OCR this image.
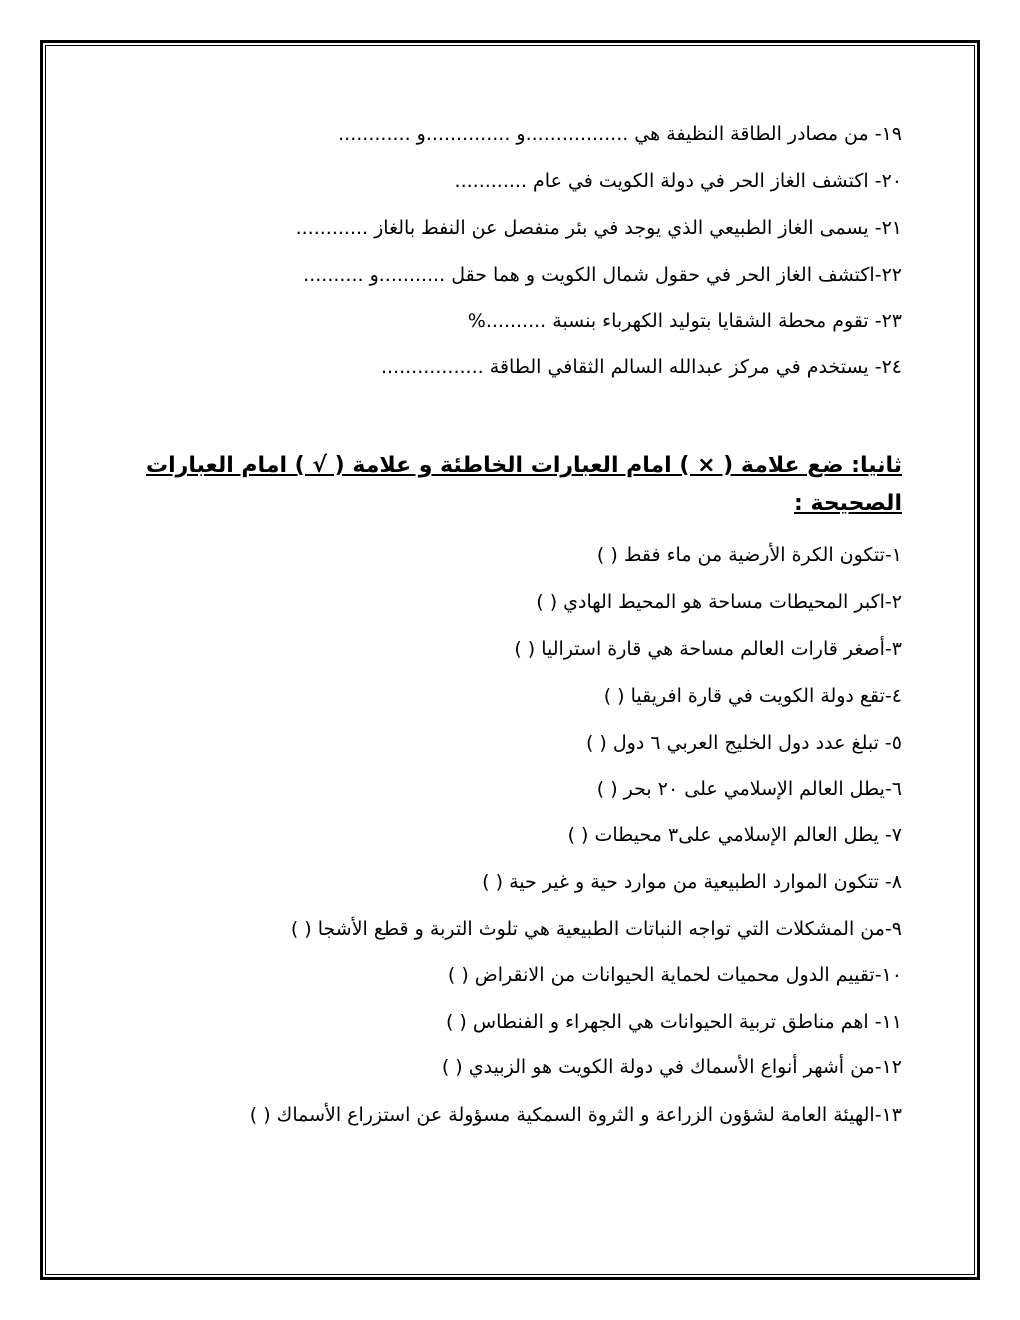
١٩- من مصادر الطاقة النظيفة هي .................و ..............و ............
٢٠- اكتشف الغاز الحر في دولة الكويت في عام ............
٢١- يسمى الغاز الطبيعي الذي يوجد في بئر منفصل عن النفط بالغاز ............
٢٢-اكتشف الغاز الحر في حقول شمال الكويت و هما حقل ...........و ..........
٢٣- تقوم محطة الشقايا بتوليد الكهرباء بنسبة ..........%
٢٤- يستخدم في مركز عبدالله السالم الثقافي الطاقة .................
ثانيا: ضع علامة ( × ) امام العبارات الخاطئة و علامة ( √ ) امام العبارات الصحيحة :
١-تتكون الكرة الأرضية من ماء فقط ( )
٢-اكبر المحيطات مساحة هو المحيط الهادي ( )
٣-أصغر قارات العالم مساحة هي قارة استراليا ( )
٤-تقع دولة الكويت في قارة افريقيا ( )
٥- تبلغ عدد دول الخليج العربي ٦ دول ( )
٦-يطل العالم الإسلامي على ٢٠ بحر ( )
٧- يطل العالم الإسلامي على٣ محيطات ( )
٨- تتكون الموارد الطبيعية من موارد حية و غير حية ( )
٩-من المشكلات التي تواجه النباتات الطبيعية هي تلوث التربة و قطع الأشجا ( )
١٠-تقييم الدول محميات لحماية الحيوانات من الانقراض ( )
١١- اهم مناطق تربية الحيوانات هي الجهراء و الفنطاس ( )
١٢-من أشهر أنواع الأسماك في دولة الكويت هو الزبيدي ( )
١٣-الهيئة العامة لشؤون الزراعة و الثروة السمكية مسؤولة عن استزراع الأسماك ( )
